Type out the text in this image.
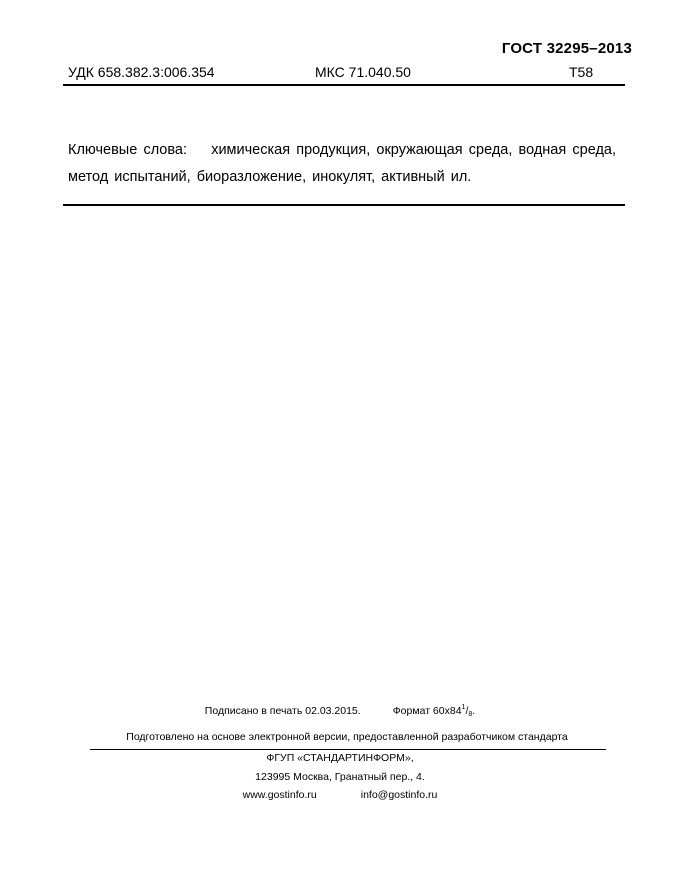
ГОСТ 32295–2013
УДК 658.382.3:006.354	МКС 71.040.50	Т58
Ключевые слова: химическая продукция, окружающая среда, водная среда, метод испытаний, биоразложение, инокулят, активный ил.
Подписано в печать 02.03.2015.	Формат $60x84^1/_8$.
Подготовлено на основе электронной версии, предоставленной разработчиком стандарта
ФГУП «СТАНДАРТИНФОРМ»,
123995 Москва, Гранатный пер., 4.
www.gostinfo.ru	info@gostinfo.ru
